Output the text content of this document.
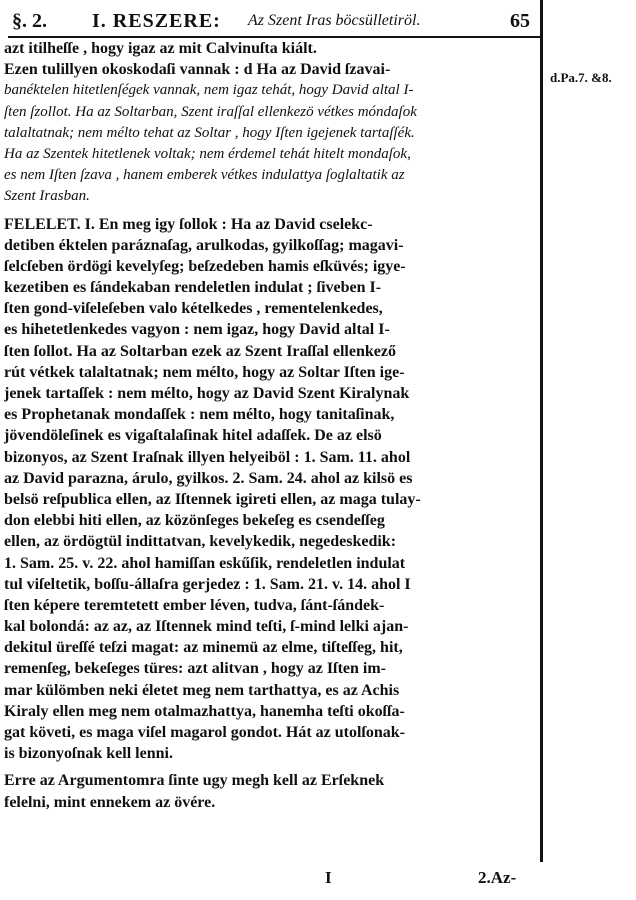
§. 2. I. RESZERE: Az Szent Iras böcsülletiröl.	65
d.Pa.7. &8.
azt itilheſſe , hogy igaz az mit Calvinuſta kiált.
Ezen tulillyen okoskodaſi vannak : d Ha az David ſzavai-
banéktelen hitetlenſégek vannak, nem igaz tehát, hogy David altal I-
ſten ſzollot. Ha az Soltarban, Szent iraſſal ellenkezö vétkes móndaſok
talaltatnak; nem mélto tehat az Soltar , hogy Iſten igejenek tartaſſék.
Ha az Szentek hitetlenek voltak; nem érdemel tehát hitelt mondaſok,
es nem Iſten ſzava , hanem emberek vétkes indulattya ſoglaltatik az
Szent Irasban.
FELELET. I. En meg igy ſollok : Ha az David cselekc-
detiben éktelen paráznaſag, arulkodas, gyilkoſſag; magavi-
ſelcſeben ördögi kevelyſeg; beſzedeben hamis eſküvés; igye-
kezetiben es ſándekaban rendeletlen indulat ; ſiveben I-
ſten gond-viſeleſeben valo kételkedes , rementelenkedes,
es hihetetlenkedes vagyon : nem igaz, hogy David altal I-
ſten ſollot. Ha az Soltarban ezek az Szent Iraſſal ellenkező
rút vétkek talaltatnak; nem mélto, hogy az Soltar Iſten ige-
jenek tartaſſek : nem mélto, hogy az David Szent Kiralynak
es Prophetanak mondaſſek : nem mélto, hogy tanitaſinak,
jövendöleſinek es vigaſtalaſinak hitel adaſſek. De az elsö
bizonyos, az Szent Iraſnak illyen helyeiböl : 1. Sam. 11. ahol
az David parazna, árulo, gyilkos. 2. Sam. 24. ahol az kilsö es
belsö reſpublica ellen, az Iſtennek igireti ellen, az maga tulay-
don elebbi hiti ellen, az közönſeges bekeſeg es csendeſſeg
ellen, az ördögtül indittatvan, kevelykedik, negedeskedik:
1. Sam. 25. v. 22. ahol hamiſſan eskűſik, rendeletlen indulat
tul viſeltetik, boſſu-állaſra gerjedez : 1. Sam. 21. v. 14. ahol I
ſten képere teremtetett ember léven, tudva, ſánt-ſándek-
kal bolondá: az az, az Iſtennek mind teſti, ſ-mind lelki ajan-
dekitul üreſſé teſzi magat: az minemü az elme, tiſteſſeg, hit,
remenſeg, bekeſeges türes: azt alitvan , hogy az Iſten im-
mar külömben neki életet meg nem tarthattya, es az Achis
Kiraly ellen meg nem otalmazhattya, hanemha teſti okoſſa-
gat követi, es maga viſel magarol gondot. Hát az utolſonak-
is bizonyoſnak kell lenni.
Erre az Argumentomra ſinte ugy megh kell az Erſeknek
felelni, mint ennekem az övére.
I	2.Az-
